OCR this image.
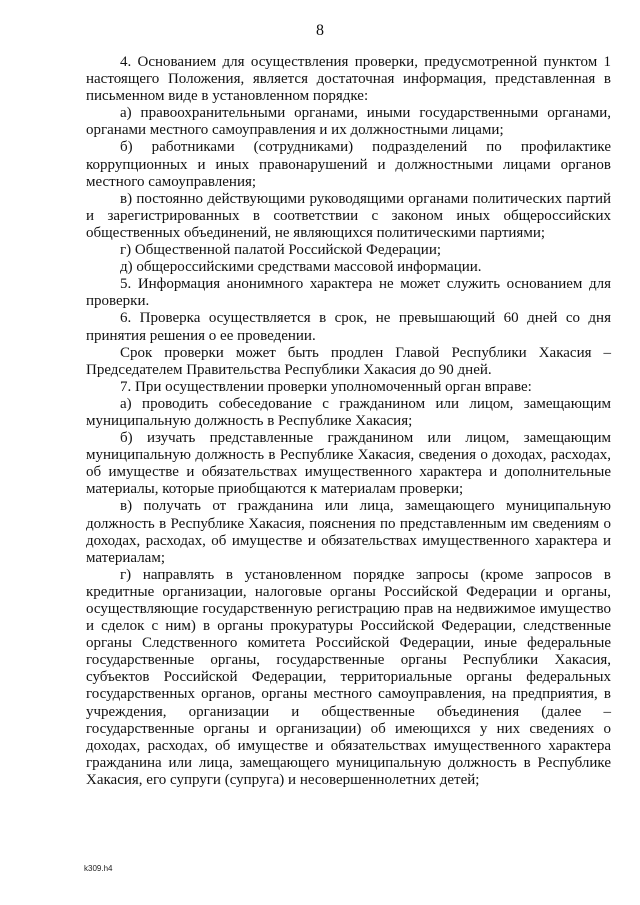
8

4. Основанием для осуществления проверки, предусмотренной пунктом 1 настоящего Положения, является достаточная информация, представленная в письменном виде в установленном порядке:

а) правоохранительными органами, иными государственными органами, органами местного самоуправления и их должностными лицами;

б) работниками (сотрудниками) подразделений по профилактике коррупционных и иных правонарушений и должностными лицами органов местного самоуправления;

в) постоянно действующими руководящими органами политических партий и зарегистрированных в соответствии с законом иных общероссийских общественных объединений, не являющихся политическими партиями;

г) Общественной палатой Российской Федерации;

д) общероссийскими средствами массовой информации.

5. Информация анонимного характера не может служить основанием для проверки.

6. Проверка осуществляется в срок, не превышающий 60 дней со дня принятия решения о ее проведении.

Срок проверки может быть продлен Главой Республики Хакасия – Председателем Правительства Республики Хакасия до 90 дней.

7. При осуществлении проверки уполномоченный орган вправе:

а) проводить собеседование с гражданином или лицом, замещающим муниципальную должность в Республике Хакасия;

б) изучать представленные гражданином или лицом, замещающим муниципальную должность в Республике Хакасия, сведения о доходах, расходах, об имуществе и обязательствах имущественного характера и дополнительные материалы, которые приобщаются к материалам проверки;

в) получать от гражданина или лица, замещающего муниципальную должность в Республике Хакасия, пояснения по представленным им сведениям о доходах, расходах, об имуществе и обязательствах имущественного характера и материалам;

г) направлять в установленном порядке запросы (кроме запросов в кредитные организации, налоговые органы Российской Федерации и органы, осуществляющие государственную регистрацию прав на недвижимое имущество и сделок с ним) в органы прокуратуры Российской Федерации, следственные органы Следственного комитета Российской Федерации, иные федеральные государственные органы, государственные органы Республики Хакасия, субъектов Российской Федерации, территориальные органы федеральных государственных органов, органы местного самоуправления, на предприятия, в учреждения, организации и общественные объединения (далее – государственные органы и организации) об имеющихся у них сведениях о доходах, расходах, об имуществе и обязательствах имущественного характера гражданина или лица, замещающего муниципальную должность в Республике Хакасия, его супруги (супруга) и несовершеннолетних детей;

k309.h4
